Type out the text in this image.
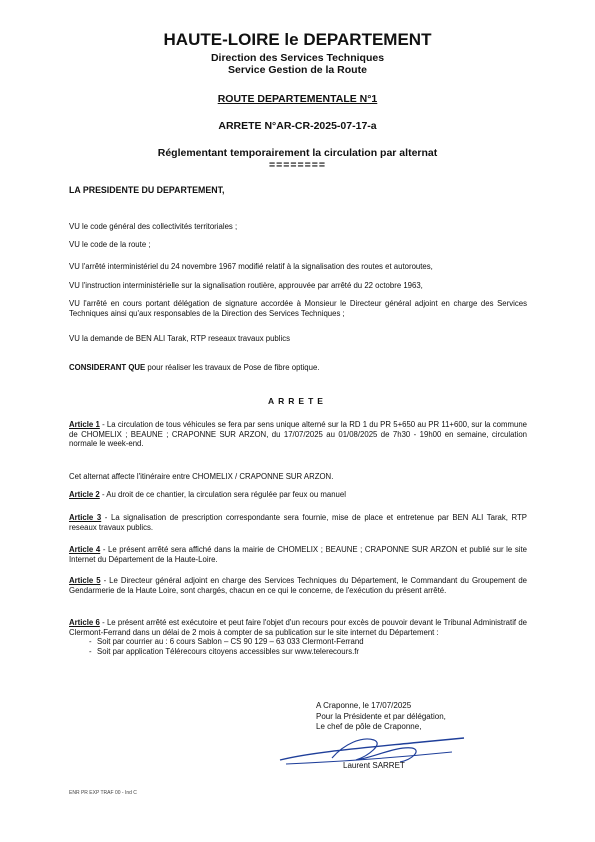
HAUTE-LOIRE le DEPARTEMENT
Direction des Services Techniques
Service Gestion de la Route
ROUTE DEPARTEMENTALE N°1
ARRETE N°AR-CR-2025-07-17-a
Réglementant temporairement la circulation par alternat
========
LA PRESIDENTE DU DEPARTEMENT,
VU le code général des collectivités territoriales ;
VU le code de la route ;
VU l'arrêté interministériel du 24 novembre 1967 modifié relatif à la signalisation des routes et autoroutes,
VU l'instruction interministérielle sur la signalisation routière, approuvée par arrêté du 22 octobre 1963,
VU l'arrêté en cours portant délégation de signature accordée à Monsieur le Directeur général adjoint en charge des Services Techniques ainsi qu'aux responsables de la Direction des Services Techniques ;
VU la demande de BEN ALI Tarak, RTP reseaux travaux publics
CONSIDERANT QUE pour réaliser les travaux de Pose de fibre optique.
ARRETE
Article 1 - La circulation de tous véhicules se fera par sens unique alterné sur la RD 1 du PR 5+650 au PR 11+600, sur la commune de CHOMELIX ; BEAUNE ; CRAPONNE SUR ARZON, du 17/07/2025 au 01/08/2025 de 7h30 - 19h00 en semaine, circulation normale le week-end.
Cet alternat affecte l'itinéraire entre CHOMELIX / CRAPONNE SUR ARZON.
Article 2 - Au droit de ce chantier, la circulation sera régulée par feux ou manuel
Article 3 - La signalisation de prescription correspondante sera fournie, mise de place et entretenue par BEN ALI Tarak, RTP reseaux travaux publics.
Article 4 - Le présent arrêté sera affiché dans la mairie de CHOMELIX ; BEAUNE ; CRAPONNE SUR ARZON et publié sur le site Internet du Département de la Haute-Loire.
Article 5 - Le Directeur général adjoint en charge des Services Techniques du Département, le Commandant du Groupement de Gendarmerie de la Haute Loire, sont chargés, chacun en ce qui le concerne, de l'exécution du présent arrêté.
Article 6 - Le présent arrêté est exécutoire et peut faire l'objet d'un recours pour excès de pouvoir devant le Tribunal Administratif de Clermont-Ferrand dans un délai de 2 mois à compter de sa publication sur le site internet du Département :
- Soit par courrier au : 6 cours Sablon – CS 90 129 – 63 033 Clermont-Ferrand
- Soit par application Télérecours citoyens accessibles sur www.telerecours.fr
A Craponne, le 17/07/2025
Pour la Présidente et par délégation,
Le chef de pôle de Craponne,
Laurent SARRET
ENR PR EXP TRAF 00 - Ind C
